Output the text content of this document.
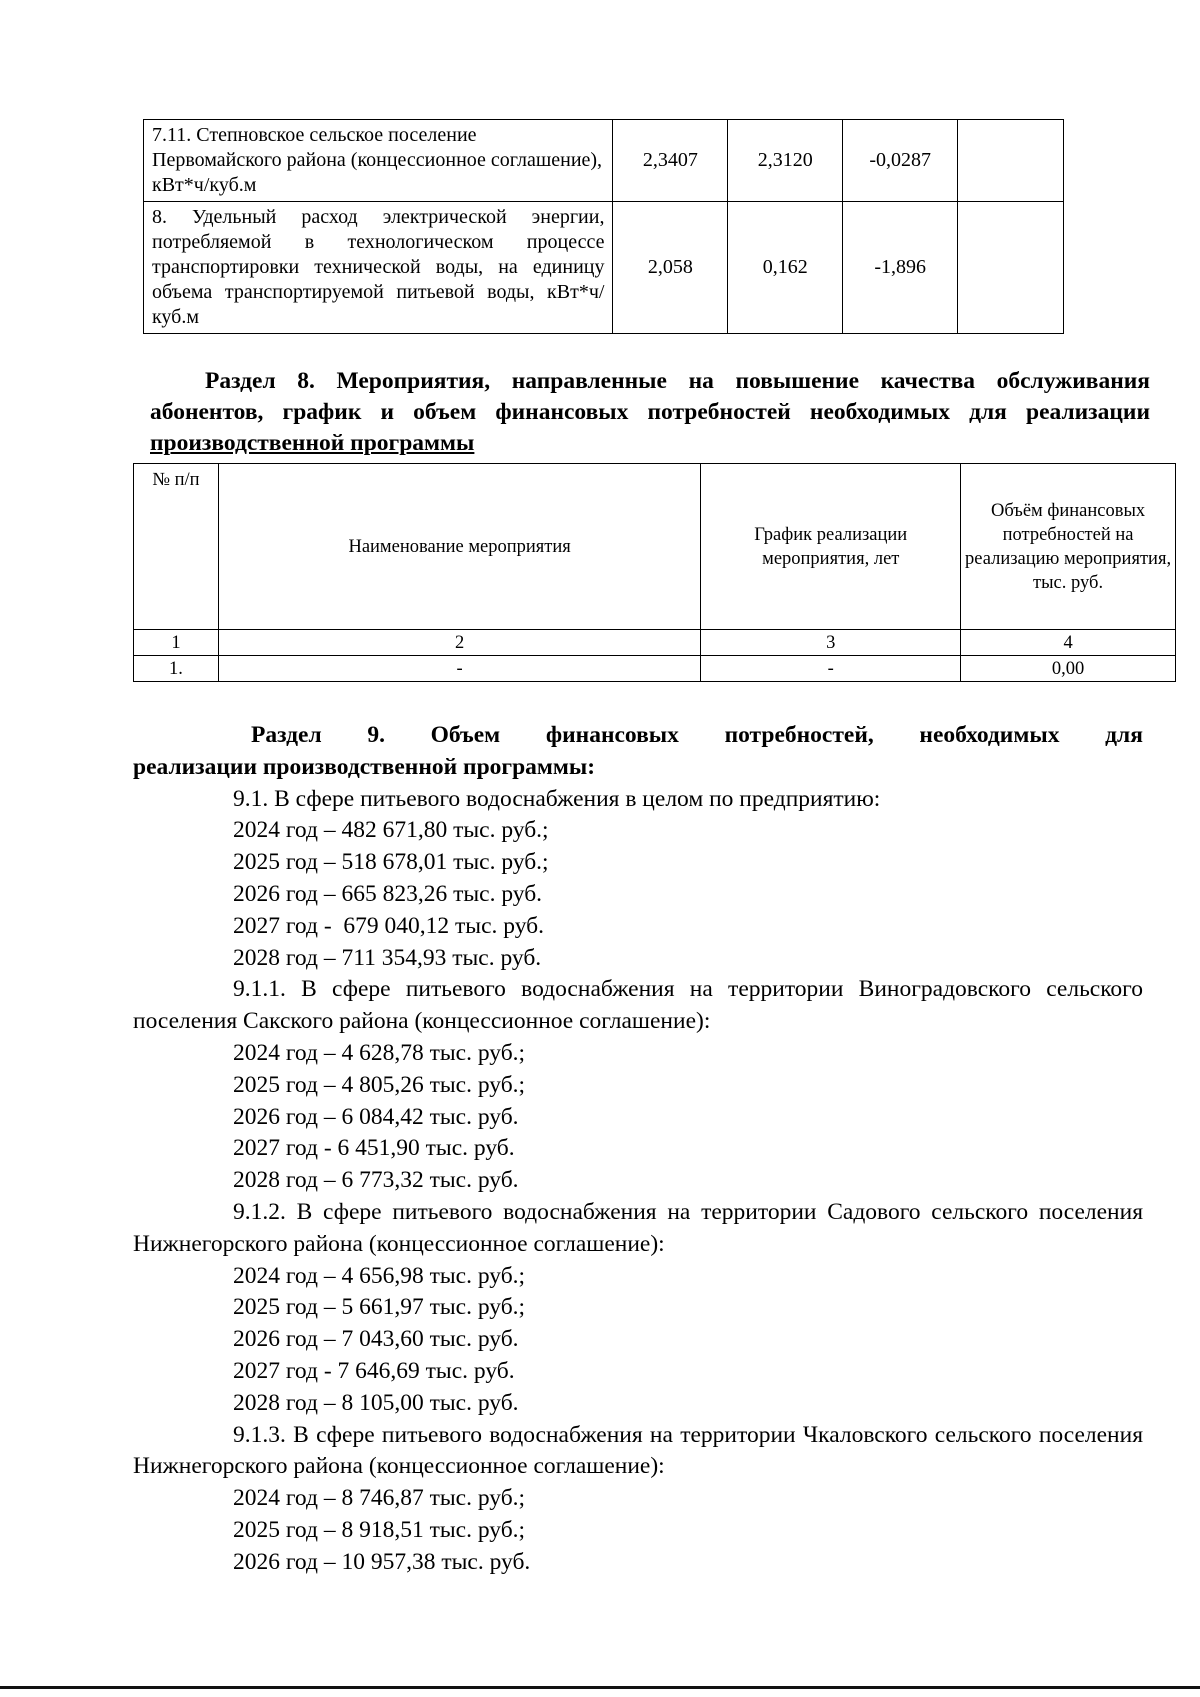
7.11. Степновское сельское поселение Первомайского района (концессионное соглашение), кВт*ч/куб.м	2,3407	2,3120	-0,0287	
8. Удельный расход электрической энергии, потребляемой в технологическом процессе транспортировки технической воды, на единицу объема транспортируемой питьевой воды, кВт*ч/куб.м	2,058	0,162	-1,896	
Раздел 8. Мероприятия, направленные на повышение качества обслуживания абонентов, график и объем финансовых потребностей необходимых для реализации производственной программы
№ п/п	Наименование мероприятия	График реализации мероприятия, лет	Объём финансовых потребностей на реализацию мероприятия, тыс. руб.
1	2	3	4
1.	-	-	0,00
Раздел 9. Объем финансовых потребностей, необходимых для
реализации производственной программы:
9.1. В сфере питьевого водоснабжения в целом по предприятию:
2024 год – 482 671,80 тыс. руб.;
2025 год – 518 678,01 тыс. руб.;
2026 год – 665 823,26 тыс. руб.
2027 год -  679 040,12 тыс. руб.
2028 год – 711 354,93 тыс. руб.
9.1.1. В сфере питьевого водоснабжения на территории Виноградовского сельского поселения Сакского района (концессионное соглашение):
2024 год – 4 628,78 тыс. руб.;
2025 год – 4 805,26 тыс. руб.;
2026 год – 6 084,42 тыс. руб.
2027 год - 6 451,90 тыс. руб.
2028 год – 6 773,32 тыс. руб.
9.1.2. В сфере питьевого водоснабжения на территории Садового сельского поселения Нижнегорского района (концессионное соглашение):
2024 год – 4 656,98 тыс. руб.;
2025 год – 5 661,97 тыс. руб.;
2026 год – 7 043,60 тыс. руб.
2027 год - 7 646,69 тыс. руб.
2028 год – 8 105,00 тыс. руб.
9.1.3. В сфере питьевого водоснабжения на территории Чкаловского сельского поселения Нижнегорского района (концессионное соглашение):
2024 год – 8 746,87 тыс. руб.;
2025 год – 8 918,51 тыс. руб.;
2026 год – 10 957,38 тыс. руб.
